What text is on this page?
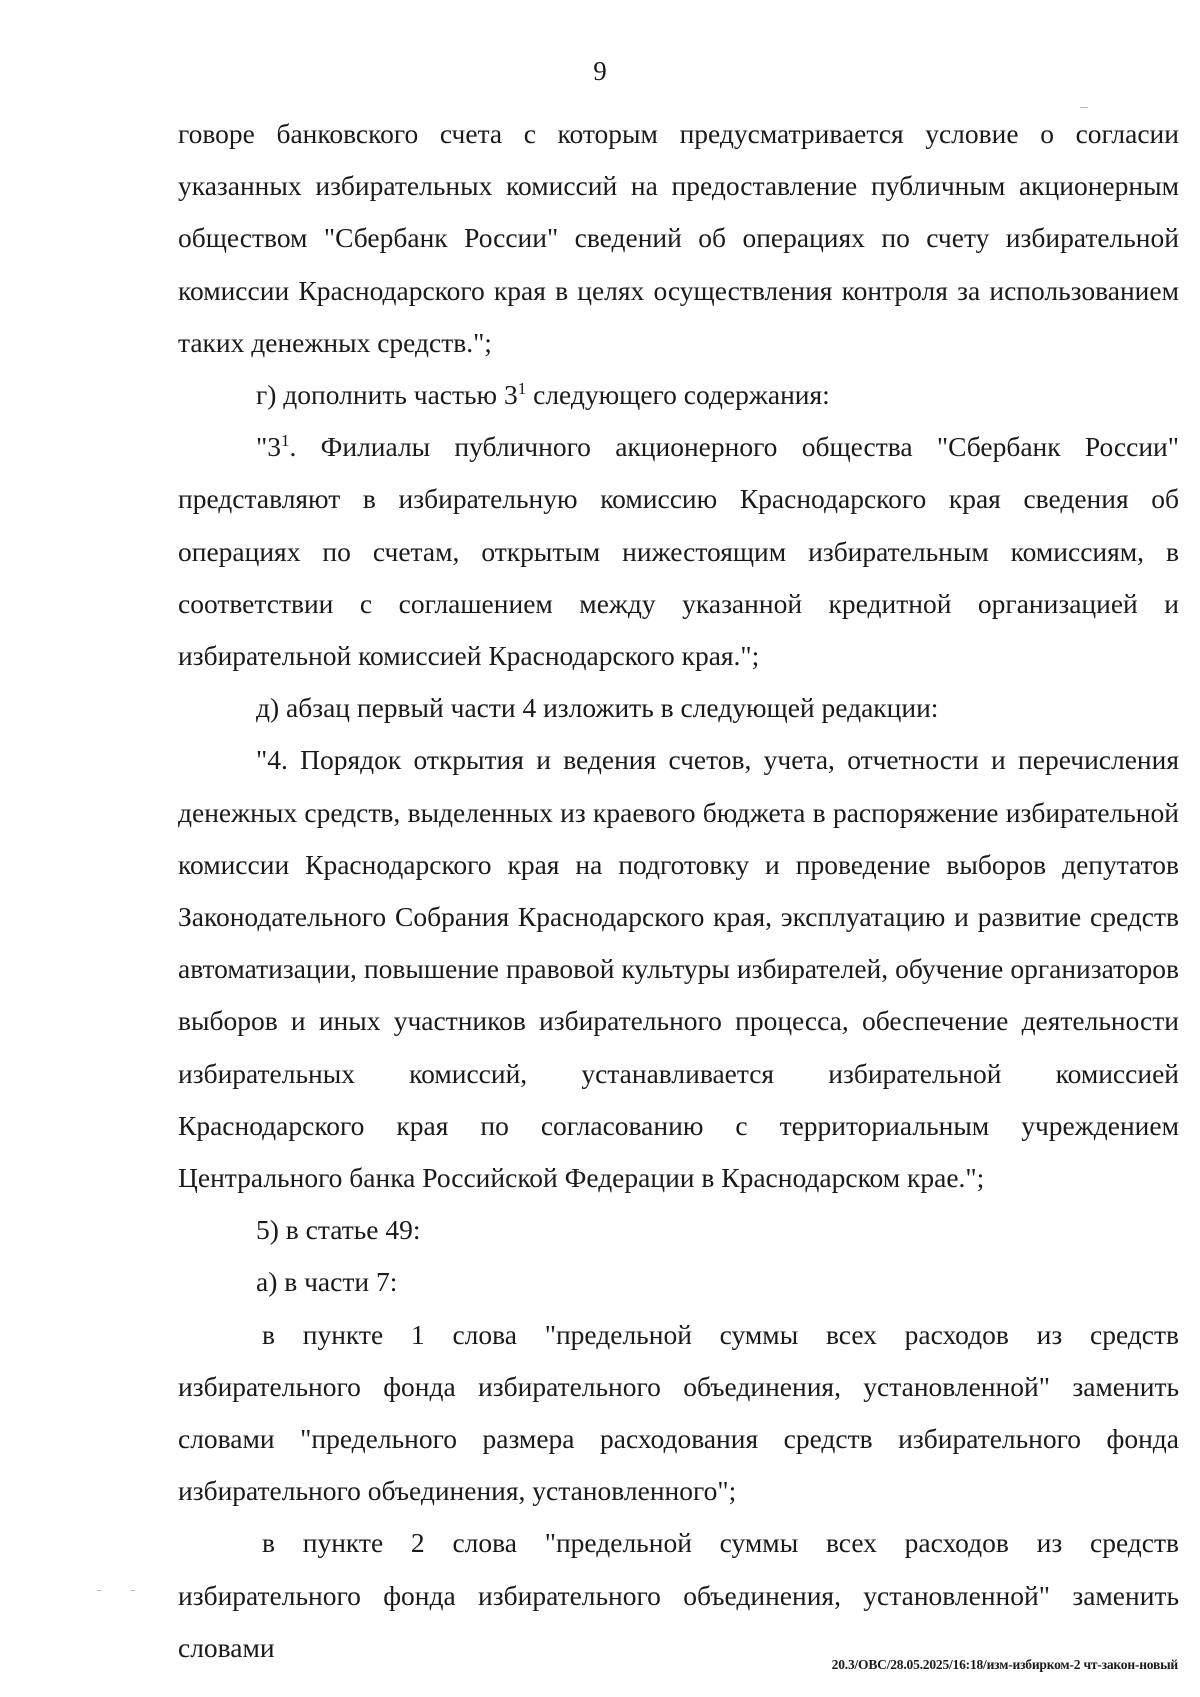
9

говоре банковского счета с которым предусматривается условие о согласии указанных избирательных комиссий на предоставление публичным акционерным обществом "Сбербанк России" сведений об операциях по счету избирательной комиссии Краснодарского края в целях осуществления контроля за использованием таких денежных средств.";

г) дополнить частью $3^1$ следующего содержания:

"$3^1$. Филиалы публичного акционерного общества "Сбербанк России" представляют в избирательную комиссию Краснодарского края сведения об операциях по счетам, открытым нижестоящим избирательным комиссиям, в соответствии с соглашением между указанной кредитной организацией и избирательной комиссией Краснодарского края.";

д) абзац первый части 4 изложить в следующей редакции:

"4. Порядок открытия и ведения счетов, учета, отчетности и перечисления денежных средств, выделенных из краевого бюджета в распоряжение избирательной комиссии Краснодарского края на подготовку и проведение выборов депутатов Законодательного Собрания Краснодарского края, эксплуатацию и развитие средств автоматизации, повышение правовой культуры избирателей, обучение организаторов выборов и иных участников избирательного процесса, обеспечение деятельности избирательных комиссий, устанавливается избирательной комиссией Краснодарского края по согласованию с территориальным учреждением Центрального банка Российской Федерации в Краснодарском крае.";

5) в статье 49:

а) в части 7:

в пункте 1 слова "предельной суммы всех расходов из средств избирательного фонда избирательного объединения, установленной" заменить словами "предельного размера расходования средств избирательного фонда избирательного объединения, установленного";

в пункте 2 слова "предельной суммы всех расходов из средств избирательного фонда избирательного объединения, установленной" заменить словами

20.3/ОВС/28.05.2025/16:18/изм-избирком-2 чт-закон-новый
